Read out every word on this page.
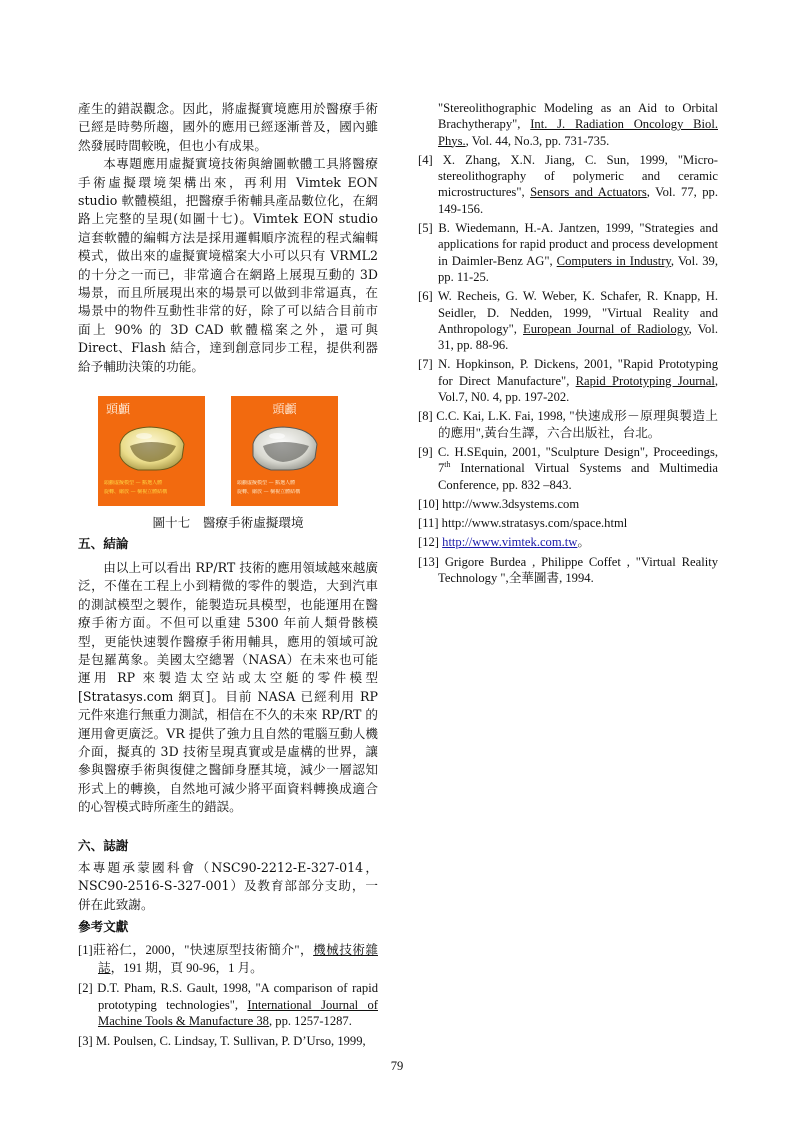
產生的錯誤觀念。因此，將虛擬實境應用於醫療手術已經是時勢所趨，國外的應用已經逐漸普及，國內雖然發展時間較晚，但也小有成果。

本專題應用虛擬實境技術與繪圖軟體工具將醫療手術虛擬環境架構出來，再利用 Vimtek EON studio 軟體模組，把醫療手術輔具產品數位化，在網路上完整的呈現(如圖十七)。Vimtek EON studio 這套軟體的編輯方法是採用邏輯順序流程的程式編輯模式，做出來的虛擬實境檔案大小可以只有 VRML2 的十分之一而已，非常適合在網路上展現互動的 3D 場景，而且所展現出來的場景可以做到非常逼真，在場景中的物件互動性非常的好，除了可以結合目前市面上 90% 的 3D CAD 軟體檔案之外，還可與 Direct、Flash 結合，達到創意同步工程，提供利器給予輔助決策的功能。

頭顱
頭顱虛擬模型 — 點選人體
旋轉、縮放 — 檢視立體結構
頭顱
頭顱虛擬模型 — 點選人體
旋轉、縮放 — 檢視立體結構

圖十七　醫療手術虛擬環境

五、結論

由以上可以看出 RP/RT 技術的應用領域越來越廣泛，不僅在工程上小到精微的零件的製造，大到汽車的測試模型之製作，能製造玩具模型，也能運用在醫療手術方面。不但可以重建 5300 年前人類骨骸模型，更能快速製作醫療手術用輔具，應用的領域可說是包羅萬象。美國太空總署（NASA）在未來也可能運用 RP 來製造太空站或太空艇的零件模型 [Stratasys.com 網頁]。目前 NASA 已經利用 RP 元件來進行無重力測試，相信在不久的未來 RP/RT 的運用會更廣泛。VR 提供了強力且自然的電腦互動人機介面，擬真的 3D 技術呈現真實或是虛構的世界，讓參與醫療手術與復健之醫師身歷其境，減少一層認知形式上的轉換，自然地可減少將平面資料轉換成適合的心智模式時所產生的錯誤。

六、誌謝

本專題承蒙國科會（NSC90-2212-E-327-014，NSC90-2516-S-327-001）及教育部部分支助，一併在此致謝。

參考文獻

[1]莊裕仁，2000，"快速原型技術簡介"，機械技術雜誌，191 期，頁 90-96，1 月。

[2] D.T. Pham, R.S. Gault, 1998, "A comparison of rapid prototyping technologies", International Journal of Machine Tools & Manufacture 38, pp. 1257-1287.

[3] M. Poulsen, C. Lindsay, T. Sullivan, P. D’Urso, 1999,

"Stereolithographic Modeling as an Aid to Orbital Brachytherapy", Int. J. Radiation Oncology Biol. Phys., Vol. 44, No.3, pp. 731-735.

[4] X. Zhang, X.N. Jiang, C. Sun, 1999, "Micro-stereolithography of polymeric and ceramic microstructures", Sensors and Actuators, Vol. 77, pp. 149-156.

[5] B. Wiedemann, H.-A. Jantzen, 1999, "Strategies and applications for rapid product and process development in Daimler-Benz AG", Computers in Industry, Vol. 39, pp. 11-25.

[6] W. Recheis, G. W. Weber, K. Schafer, R. Knapp, H. Seidler, D. Nedden, 1999, "Virtual Reality and Anthropology", European Journal of Radiology, Vol. 31, pp. 88-96.

[7] N. Hopkinson, P. Dickens, 2001, "Rapid Prototyping for Direct Manufacture", Rapid Prototyping Journal, Vol.7, N0. 4, pp. 197-202.

[8] C.C. Kai, L.K. Fai, 1998, "快速成形－原理與製造上的應用",黃台生譯，六合出版社，台北。

[9] C. H.SEquin, 2001, "Sculpture Design", Proceedings, 7th International Virtual Systems and Multimedia Conference, pp. 832 –843.

[10] http://www.3dsystems.com

[11] http://www.stratasys.com/space.html

[12] http://www.vimtek.com.tw。

[13] Grigore Burdea , Philippe Coffet , "Virtual Reality Technology ",全華圖書, 1994.

79
